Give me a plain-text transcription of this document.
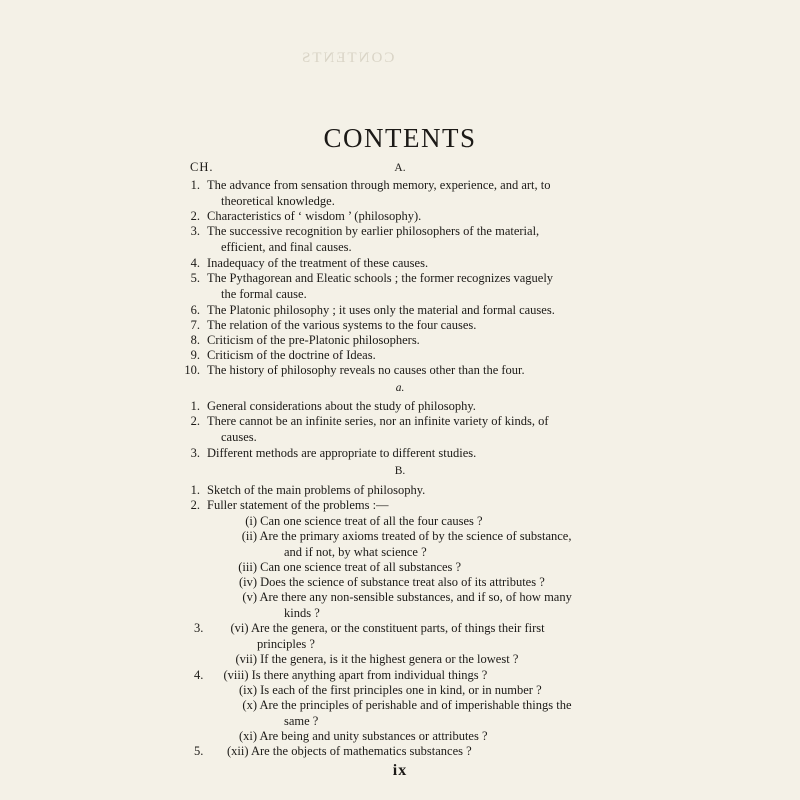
CONTENTS
CONTENTS
CH.	A.
1. The advance from sensation through memory, experience, and art, to
theoretical knowledge.
2. Characteristics of ‘ wisdom ’ (philosophy).
3. The successive recognition by earlier philosophers of the material,
efficient, and final causes.
4. Inadequacy of the treatment of these causes.
5. The Pythagorean and Eleatic schools ; the former recognizes vaguely
the formal cause.
6. The Platonic philosophy ; it uses only the material and formal causes.
7. The relation of the various systems to the four causes.
8. Criticism of the pre-Platonic philosophers.
9. Criticism of the doctrine of Ideas.
10. The history of philosophy reveals no causes other than the four.
a.
1. General considerations about the study of philosophy.
2. There cannot be an infinite series, nor an infinite variety of kinds, of
causes.
3. Different methods are appropriate to different studies.
B.
1. Sketch of the main problems of philosophy.
2. Fuller statement of the problems :—
(i) Can one science treat of all the four causes ?
(ii) Are the primary axioms treated of by the science of substance,
and if not, by what science ?
(iii) Can one science treat of all substances ?
(iv) Does the science of substance treat also of its attributes ?
(v) Are there any non-sensible substances, and if so, of how many
kinds ?
3. (vi) Are the genera, or the constituent parts, of things their first
principles ?
(vii) If the genera, is it the highest genera or the lowest ?
4. (viii) Is there anything apart from individual things ?
(ix) Is each of the first principles one in kind, or in number ?
(x) Are the principles of perishable and of imperishable things the
same ?
(xi) Are being and unity substances or attributes ?
5. (xii) Are the objects of mathematics substances ?
ix
